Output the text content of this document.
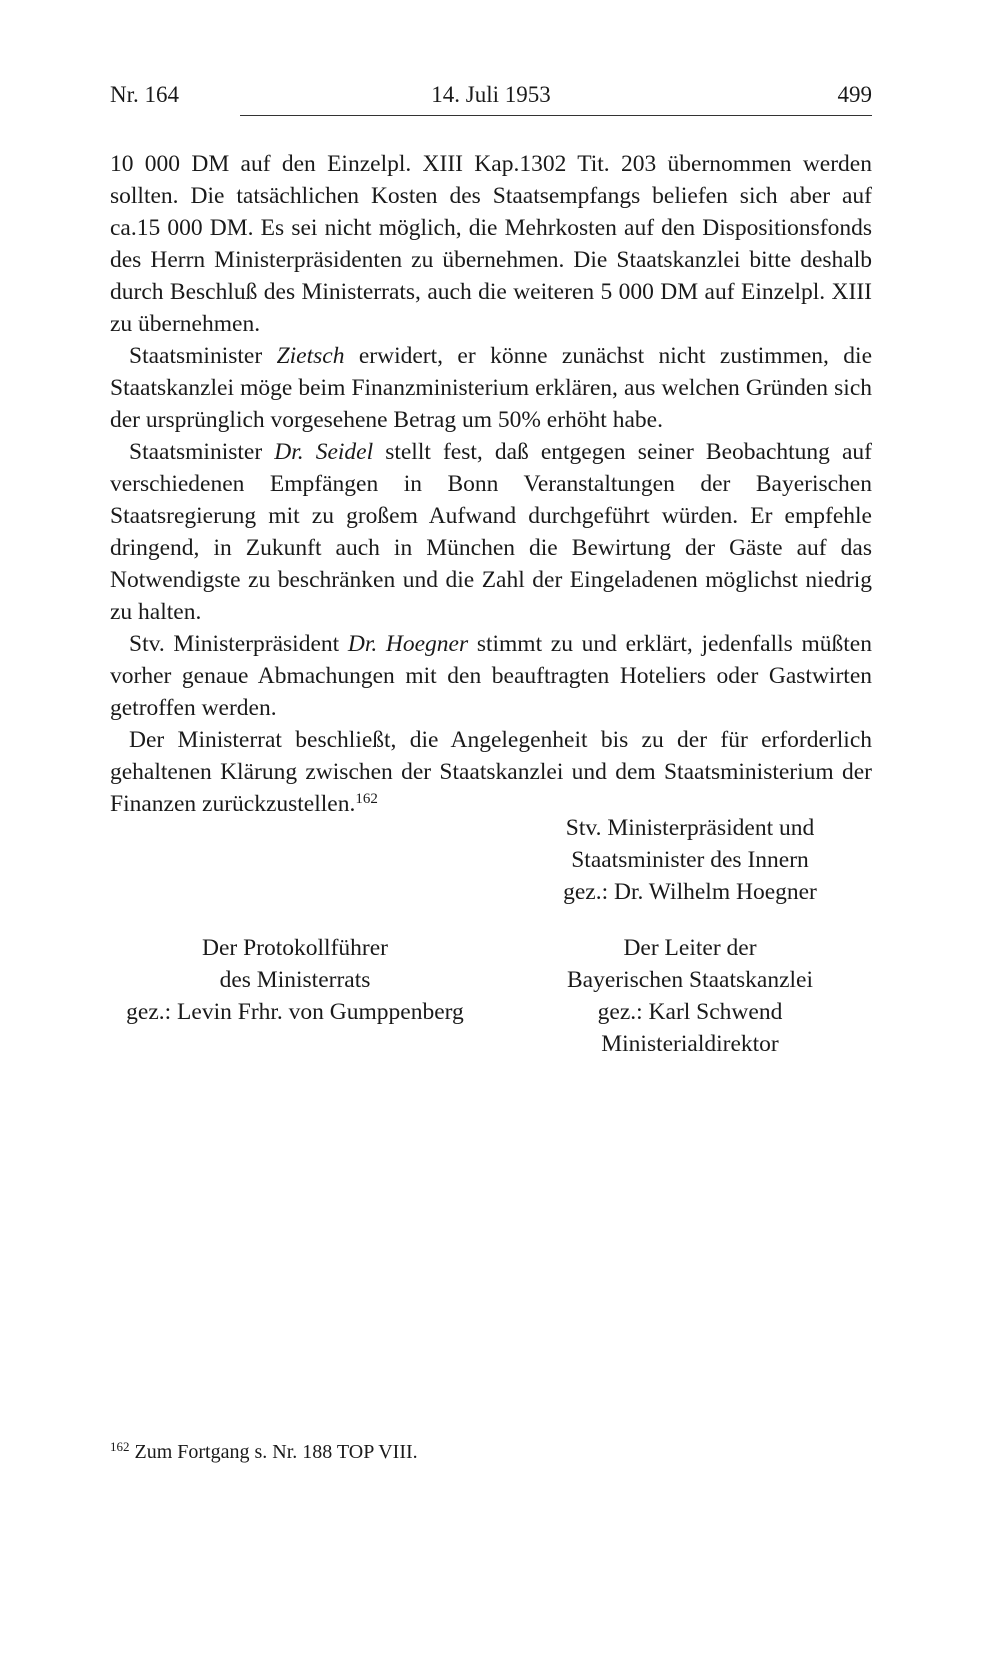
Nr. 164	14. Juli 1953	499

10 000 DM auf den Einzelpl. XIII Kap.1302 Tit. 203 übernommen werden sollten. Die tatsächlichen Kosten des Staatsempfangs beliefen sich aber auf ca.15 000 DM. Es sei nicht möglich, die Mehrkosten auf den Dispositionsfonds des Herrn Ministerpräsidenten zu übernehmen. Die Staatskanzlei bitte deshalb durch Beschluß des Ministerrats, auch die weiteren 5 000 DM auf Einzelpl. XIII zu übernehmen.

Staatsminister Zietsch erwidert, er könne zunächst nicht zustimmen, die Staatskanzlei möge beim Finanzministerium erklären, aus welchen Gründen sich der ursprünglich vorgesehene Betrag um 50% erhöht habe.

Staatsminister Dr. Seidel stellt fest, daß entgegen seiner Beobachtung auf verschiedenen Empfängen in Bonn Veranstaltungen der Bayerischen Staatsregierung mit zu großem Aufwand durchgeführt würden. Er empfehle dringend, in Zukunft auch in München die Bewirtung der Gäste auf das Notwendigste zu beschränken und die Zahl der Eingeladenen möglichst niedrig zu halten.

Stv. Ministerpräsident Dr. Hoegner stimmt zu und erklärt, jedenfalls müßten vorher genaue Abmachungen mit den beauftragten Hoteliers oder Gastwirten getroffen werden.

Der Ministerrat beschließt, die Angelegenheit bis zu der für erforderlich gehaltenen Klärung zwischen der Staatskanzlei und dem Staatsministerium der Finanzen zurückzustellen.$^{162}$

Stv. Ministerpräsident und
Staatsminister des Innern
gez.: Dr. Wilhelm Hoegner
Der Protokollführer
des Ministerrats
gez.: Levin Frhr. von Gumppenberg
Der Leiter der
Bayerischen Staatskanzlei
gez.: Karl Schwend
Ministerialdirektor
$^{162}$ Zum Fortgang s. Nr. 188 TOP VIII.
